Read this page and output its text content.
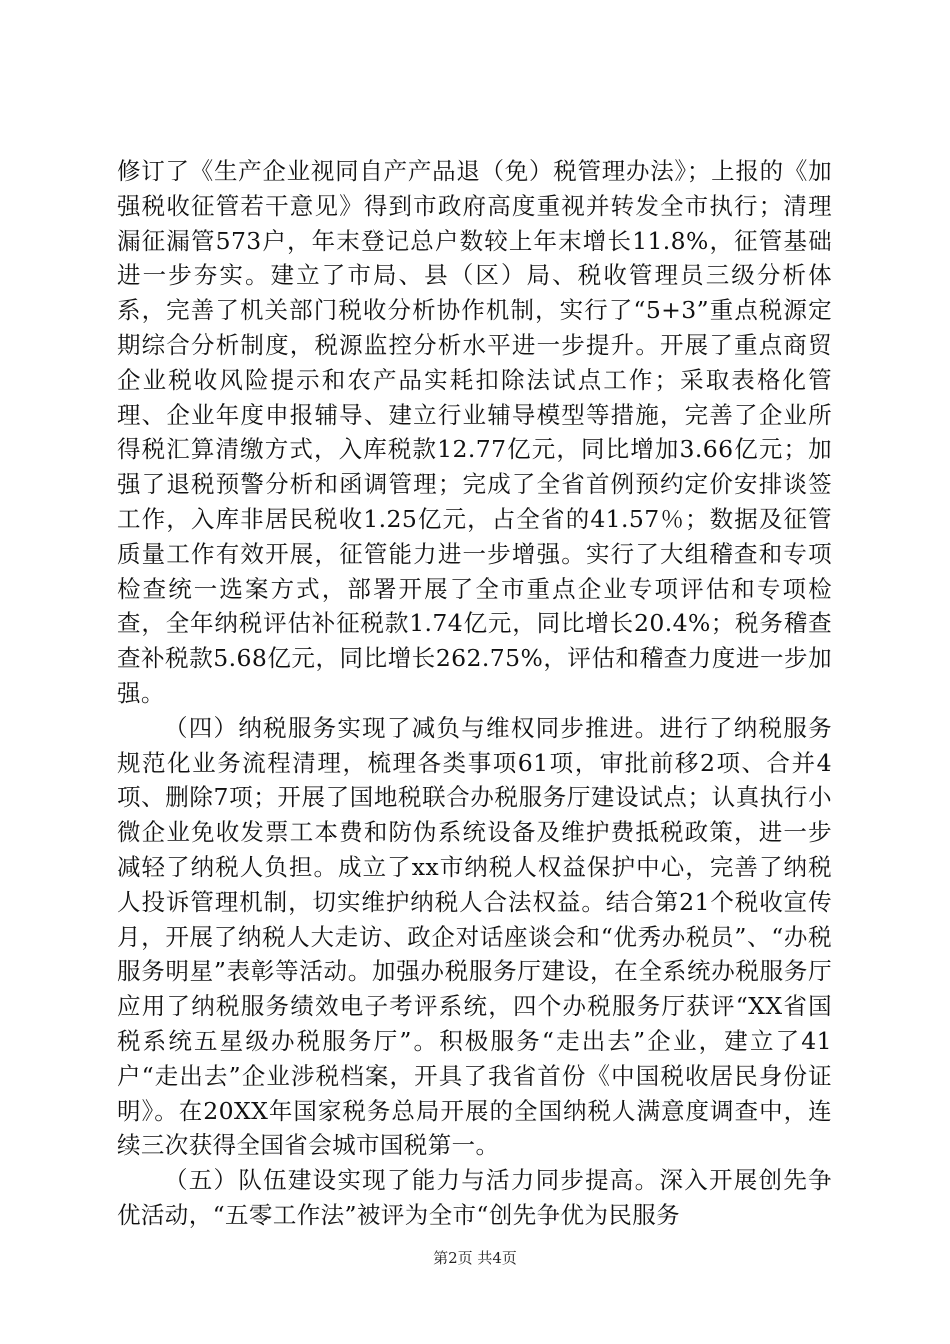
修订了《生产企业视同自产产品退（免）税管理办法》；上报的《加强税收征管若干意见》得到市政府高度重视并转发全市执行；清理漏征漏管573户，年末登记总户数较上年末增长11.8%，征管基础进一步夯实。建立了市局、县（区）局、税收管理员三级分析体系，完善了机关部门税收分析协作机制，实行了“5+3”重点税源定期综合分析制度，税源监控分析水平进一步提升。开展了重点商贸企业税收风险提示和农产品实耗扣除法试点工作；采取表格化管理、企业年度申报辅导、建立行业辅导模型等措施，完善了企业所得税汇算清缴方式，入库税款12.77亿元，同比增加3.66亿元；加强了退税预警分析和函调管理；完成了全省首例预约定价安排谈签工作，入库非居民税收1.25亿元，占全省的41.57％；数据及征管质量工作有效开展，征管能力进一步增强。实行了大组稽查和专项检查统一选案方式，部署开展了全市重点企业专项评估和专项检查，全年纳税评估补征税款1.74亿元，同比增长20.4%；税务稽查查补税款5.68亿元，同比增长262.75%，评估和稽查力度进一步加强。

（四）纳税服务实现了减负与维权同步推进。进行了纳税服务规范化业务流程清理，梳理各类事项61项，审批前移2项、合并4项、删除7项；开展了国地税联合办税服务厅建设试点；认真执行小微企业免收发票工本费和防伪系统设备及维护费抵税政策，进一步减轻了纳税人负担。成立了xx市纳税人权益保护中心，完善了纳税人投诉管理机制，切实维护纳税人合法权益。结合第21个税收宣传月，开展了纳税人大走访、政企对话座谈会和“优秀办税员”、“办税服务明星”表彰等活动。加强办税服务厅建设，在全系统办税服务厅应用了纳税服务绩效电子考评系统，四个办税服务厅获评“XX省国税系统五星级办税服务厅”。积极服务“走出去”企业，建立了41户“走出去”企业涉税档案，开具了我省首份《中国税收居民身份证明》。在20XX年国家税务总局开展的全国纳税人满意度调查中，连续三次获得全国省会城市国税第一。

（五）队伍建设实现了能力与活力同步提高。深入开展创先争优活动，“五零工作法”被评为全市“创先争优为民服务

第2页 共4页
